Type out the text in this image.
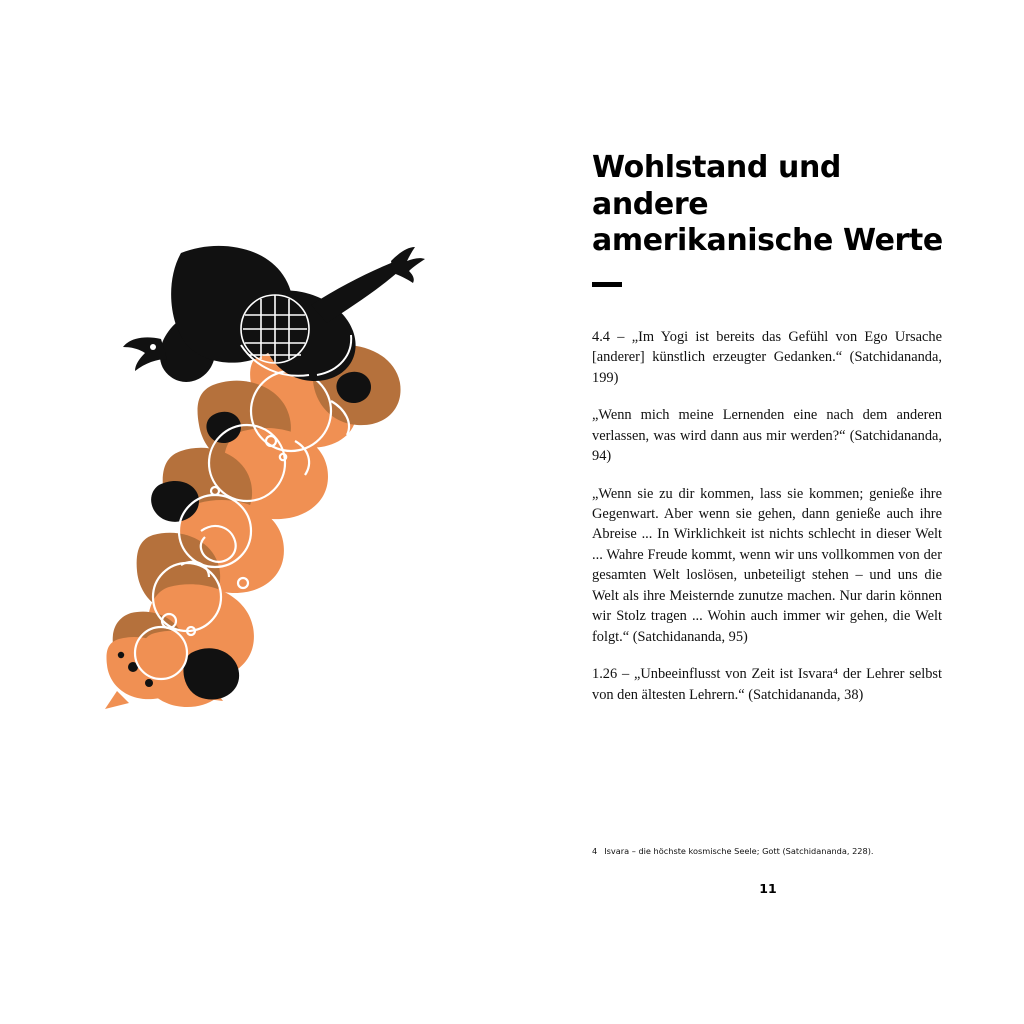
Wohlstand und andere amerikanische Werte

4.4 – „Im Yogi ist bereits das Gefühl von Ego Ursache [anderer] künstlich erzeugter Gedanken.“ (Satchidananda, 199)

„Wenn mich meine Lernenden eine nach dem anderen verlassen, was wird dann aus mir werden?“ (Satchidananda, 94)

„Wenn sie zu dir kommen, lass sie kommen; genieße ihre Gegenwart. Aber wenn sie gehen, dann genieße auch ihre Abreise ... In Wirklichkeit ist nichts schlecht in dieser Welt ... Wahre Freude kommt, wenn wir uns vollkommen von der gesamten Welt loslösen, unbeteiligt stehen – und uns die Welt als ihre Meisternde zunutze machen. Nur darin können wir Stolz tragen ... Wohin auch immer wir gehen, die Welt folgt.“ (Satchidananda, 95)

1.26 – „Unbeeinflusst von Zeit ist Isvara⁴ der Lehrer selbst von den ältesten Lehrern.“ (Satchidananda, 38)

4 Isvara – die höchste kosmische Seele; Gott (Satchidananda, 228).
11
